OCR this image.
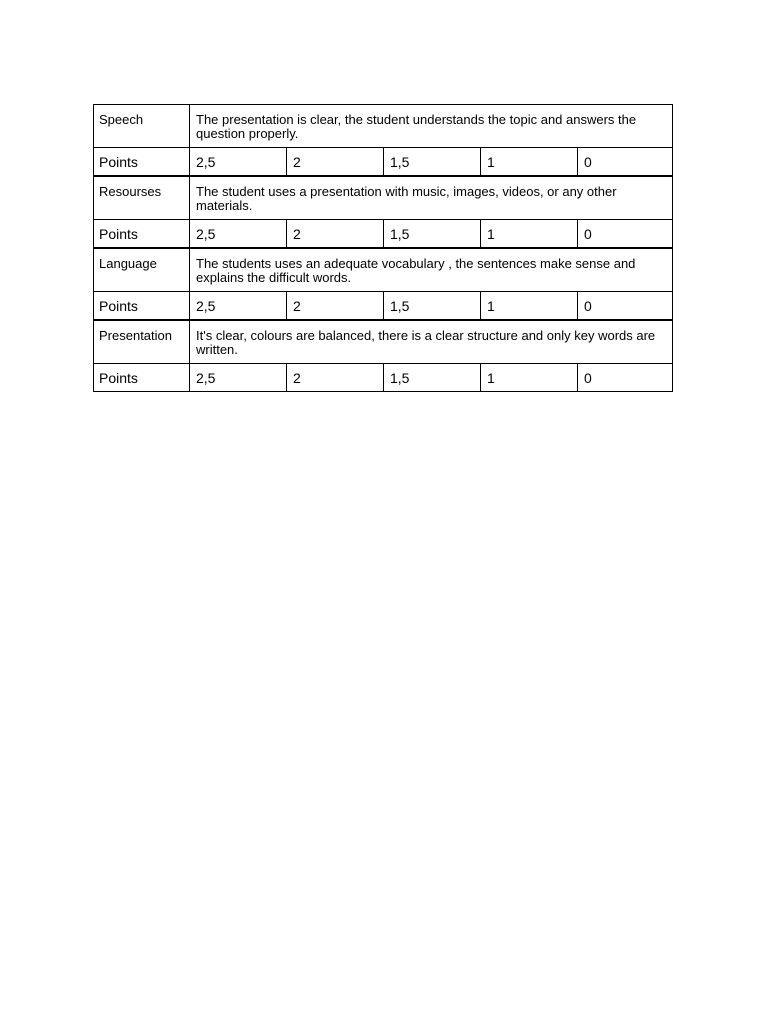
Speech	The presentation is clear, the student understands the topic and answers the question properly.
Points	2,5	2	1,5	1	0
Resourses	The student uses a presentation with music, images, videos, or any other materials.
Points	2,5	2	1,5	1	0
Language	The students uses an adequate vocabulary , the sentences make sense and explains the difficult words.
Points	2,5	2	1,5	1	0
Presentation	It's clear, colours are balanced, there is a clear structure and only key words are written.
Points	2,5	2	1,5	1	0
